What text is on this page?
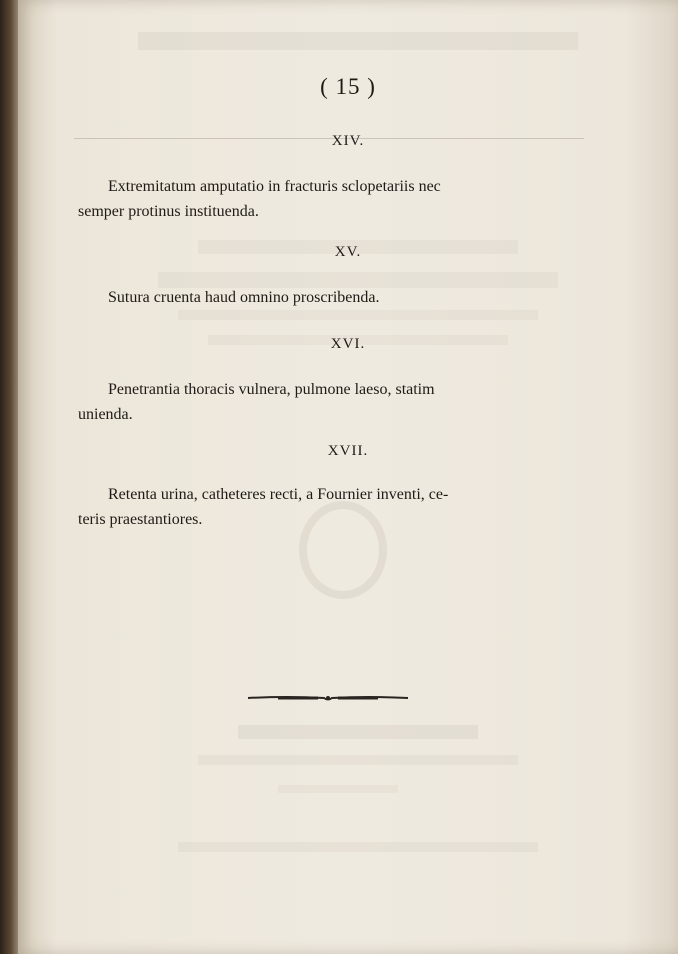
( 15 )
XIV.
Extremitatum amputatio in fracturis sclopetariis nec
semper protinus instituenda.
XV.
Sutura cruenta haud omnino proscribenda.
XVI.
Penetrantia thoracis vulnera, pulmone laeso, statim
unienda.
XVII.
Retenta urina, catheteres recti, a Fournier inventi, ce-
teris praestantiores.
